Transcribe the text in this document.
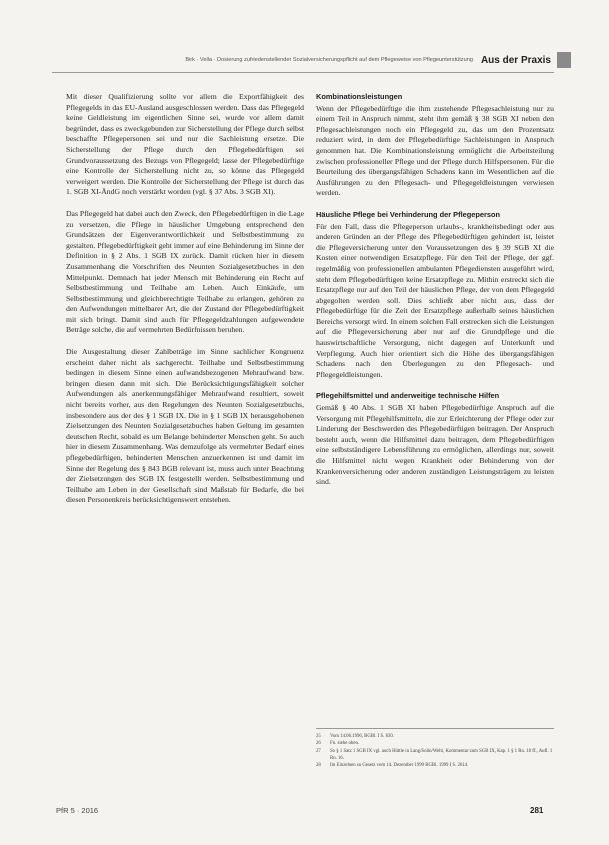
Birk · Vella · Dosierung zufriedenstellender Sozialversicherungspflicht auf dem Pflegeweise von Pflegeunterstützung Aus der Praxis

Mit dieser Qualifizierung sollte vor allem die Exportfähigkeit des Pflegegelds in das EU-Ausland ausgeschlossen werden. Dass das Pflegegeld keine Geldleistung im eigentlichen Sinne sei, wurde vor allem damit begründet, dass es zweckgebunden zur Sicherstellung der Pflege durch selbst beschaffte Pflegepersonen sei und nur die Sachleistung ersetze. Die Sicherstellung der Pflege durch den Pflegebedürftigen sei Grundvoraussetzung des Bezugs von Pflegegeld; lasse der Pflegebedürftige eine Kontrolle der Sicherstellung nicht zu, so könne das Pflegegeld verweigert werden. Die Kontrolle der Sicherstellung der Pflege ist durch das 1. SGB XI-ÄndG noch verstärkt worden (vgl. § 37 Abs. 3 SGB XI).

Das Pflegegeld hat dabei auch den Zweck, den Pflegebedürftigen in die Lage zu versetzen, die Pflege in häuslicher Umgebung entsprechend den Grundsätzen der Eigenverantwortlichkeit und Selbstbestimmung zu gestalten. Pflegebedürftigkeit geht immer auf eine Behinderung im Sinne der Definition in § 2 Abs. 1 SGB IX zurück. Damit rücken hier in diesem Zusammenhang die Vorschriften des Neunten Sozialgesetzbuches in den Mittelpunkt. Demnach hat jeder Mensch mit Behinderung ein Recht auf Selbstbestimmung und Teilhabe am Leben. Auch Einkäufe, um Selbstbestimmung und gleichberechtigte Teilhabe zu erlangen, gehören zu den Aufwendungen mittelbarer Art, die der Zustand der Pflegebedürftigkeit mit sich bringt. Damit sind auch für Pflegegeldzahlungen aufgewendete Beträge solche, die auf vermehrten Bedürfnissen beruhen.

Die Ausgestaltung dieser Zahlbeträge im Sinne sachlicher Kongruenz erscheint daher nicht als sachgerecht. Teilhabe und Selbstbestimmung bedingen in diesem Sinne einen aufwandsbezogenen Mehraufwand bzw. bringen diesen dann mit sich. Die Berücksichtigungsfähigkeit solcher Aufwendungen als anerkennungsfähiger Mehraufwand resultiert, soweit nicht bereits vorher, aus den Regelungen des Neunten Sozialgesetzbuchs, insbesondere aus der des § 1 SGB IX. Die in § 1 SGB IX herausgehobenen Zielsetzungen des Neunten Sozialgesetzbuches haben Geltung im gesamten deutschen Recht, sobald es um Belange behinderter Menschen geht. So auch hier in diesem Zusammenhang. Was demzufolge als vermehrter Bedarf eines pflegebedürftigen, behinderten Menschen anzuerkennen ist und damit im Sinne der Regelung des § 843 BGB relevant ist, muss auch unter Beachtung der Zielsetzungen des SGB IX festgestellt werden. Selbstbestimmung und Teilhabe am Leben in der Gesellschaft sind Maßstab für Bedarfe, die bei diesen Personenkreis berücksichtigenswert entstehen.

Kombinationsleistungen

Wenn der Pflegebedürftige die ihm zustehende Pflegesachleistung nur zu einem Teil in Anspruch nimmt, steht ihm gemäß § 38 SGB XI neben den Pflegesachleistungen noch ein Pflegegeld zu, das um den Prozentsatz reduziert wird, in dem der Pflegebedürftige Sachleistungen in Anspruch genommen hat. Die Kombinationsleistung ermöglicht die Arbeitsteilung zwischen professioneller Pflege und der Pflege durch Hilfspersonen. Für die Beurteilung des übergangsfähigen Schadens kann im Wesentlichen auf die Ausführungen zu den Pflegesach- und Pflegegeldleistungen verwiesen werden.

Häusliche Pflege bei Verhinderung der Pflegeperson

Für den Fall, dass die Pflegeperson urlaubs-, krankheitsbedingt oder aus anderen Gründen an der Pflege des Pflegebedürftigen gehindert ist, leistet die Pflegeversicherung unter den Voraussetzungen des § 39 SGB XI die Kosten einer notwendigen Ersatzpflege. Für den Teil der Pflege, der ggf. regelmäßig von professionellen ambulanten Pflegediensten ausgeführt wird, steht dem Pflegebedürftigen keine Ersatzpflege zu. Mithin erstreckt sich die Ersatzpflege nur auf den Teil der häuslichen Pflege, der von dem Pflegegeld abgegolten werden soll. Dies schließt aber nicht aus, dass der Pflegebedürftige für die Zeit der Ersatzpflege außerhalb seines häuslichen Bereichs versorgt wird. In einem solchen Fall erstrecken sich die Leistungen auf die Pflegeversicherung aber nur auf die Grundpflege und die hauswirtschaftliche Versorgung, nicht dagegen auf Unterkunft und Verpflegung. Auch hier orientiert sich die Höhe des übergangsfähigen Schadens nach den Überlegungen zu den Pflegesach- und Pflegegeldleistungen.

Pflegehilfsmittel und anderweitige technische Hilfen

Gemäß § 40 Abs. 1 SGB XI haben Pflegebedürftige Anspruch auf die Versorgung mit Pflegehilfsmitteln, die zur Erleichterung der Pflege oder zur Linderung der Beschwerden des Pflegebedürftigen beitragen. Der Anspruch besteht auch, wenn die Hilfsmittel dazu beitragen, dem Pflegebedürftigen eine selbstständigere Lebensführung zu ermöglichen, allerdings nur, soweit die Hilfsmittel nicht wegen Krankheit oder Behinderung von der Krankenversicherung oder anderen zuständigen Leistungsträgern zu leisten sind.

25	Vom 14.06.1996, BGBl. I S. 830.
26	Fn. siehe oben.
27	So § 1 Satz 1 SGB IX vgl. auch Hüttle in Lang/Solin/Welti, Kommentar zum SGB IX, Kap. 1 § 1 Rn. 18 ff., Aufl. 1 Rn. 16.
28	Im Einzelnen so Gesetz vom 14. Dezember 1999 BGBl. 1999 I S. 2614.
PfR 5 · 2016	281
